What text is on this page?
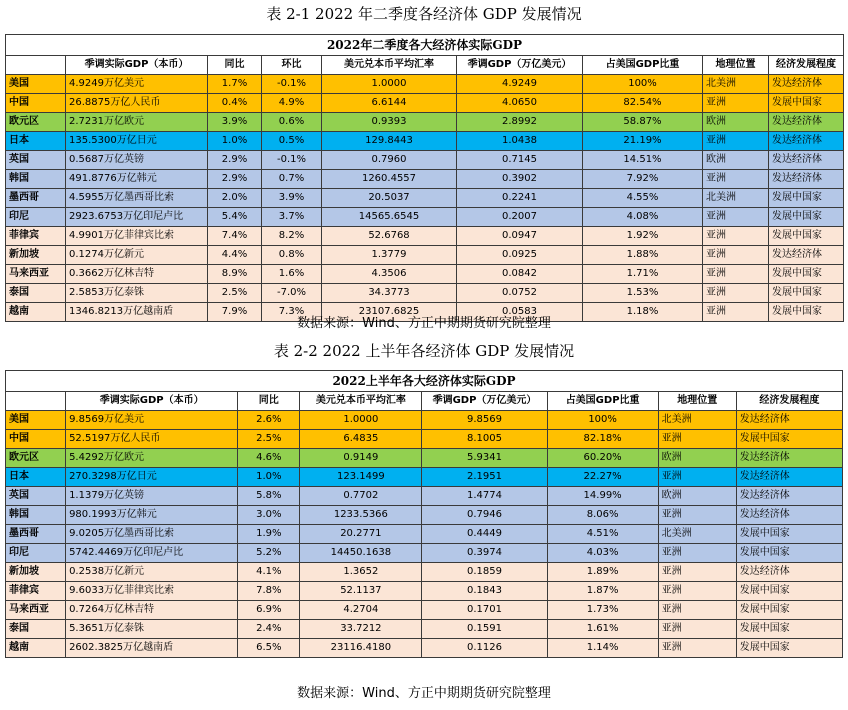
表 2-1 2022 年二季度各经济体 GDP 发展情况
2022年二季度各大经济体实际GDP								
	季调实际GDP（本币）	同比	环比	美元兑本币平均汇率	季调GDP（万亿美元）	占美国GDP比重	地理位置	经济发展程度
美国	4.9249万亿美元	1.7%	-0.1%	1.0000	4.9249	100%	北美洲	发达经济体
中国	26.8875万亿人民币	0.4%	4.9%	6.6144	4.0650	82.54%	亚洲	发展中国家
欧元区	2.7231万亿欧元	3.9%	0.6%	0.9393	2.8992	58.87%	欧洲	发达经济体
日本	135.5300万亿日元	1.0%	0.5%	129.8443	1.0438	21.19%	亚洲	发达经济体
英国	0.5687万亿英镑	2.9%	-0.1%	0.7960	0.7145	14.51%	欧洲	发达经济体
韩国	491.8776万亿韩元	2.9%	0.7%	1260.4557	0.3902	7.92%	亚洲	发达经济体
墨西哥	4.5955万亿墨西哥比索	2.0%	3.9%	20.5037	0.2241	4.55%	北美洲	发展中国家
印尼	2923.6753万亿印尼卢比	5.4%	3.7%	14565.6545	0.2007	4.08%	亚洲	发展中国家
菲律宾	4.9901万亿菲律宾比索	7.4%	8.2%	52.6768	0.0947	1.92%	亚洲	发展中国家
新加坡	0.1274万亿新元	4.4%	0.8%	1.3779	0.0925	1.88%	亚洲	发达经济体
马来西亚	0.3662万亿林吉特	8.9%	1.6%	4.3506	0.0842	1.71%	亚洲	发展中国家
泰国	2.5853万亿泰铢	2.5%	-7.0%	34.3773	0.0752	1.53%	亚洲	发展中国家
越南	1346.8213万亿越南盾	7.9%	7.3%	23107.6825	0.0583	1.18%	亚洲	发展中国家
数据来源：Wind、方正中期期货研究院整理
表 2-2 2022 上半年各经济体 GDP 发展情况
2022上半年各大经济体实际GDP							
	季调实际GDP（本币）	同比	美元兑本币平均汇率	季调GDP（万亿美元）	占美国GDP比重	地理位置	经济发展程度
美国	9.8569万亿美元	2.6%	1.0000	9.8569	100%	北美洲	发达经济体
中国	52.5197万亿人民币	2.5%	6.4835	8.1005	82.18%	亚洲	发展中国家
欧元区	5.4292万亿欧元	4.6%	0.9149	5.9341	60.20%	欧洲	发达经济体
日本	270.3298万亿日元	1.0%	123.1499	2.1951	22.27%	亚洲	发达经济体
英国	1.1379万亿英镑	5.8%	0.7702	1.4774	14.99%	欧洲	发达经济体
韩国	980.1993万亿韩元	3.0%	1233.5366	0.7946	8.06%	亚洲	发达经济体
墨西哥	9.0205万亿墨西哥比索	1.9%	20.2771	0.4449	4.51%	北美洲	发展中国家
印尼	5742.4469万亿印尼卢比	5.2%	14450.1638	0.3974	4.03%	亚洲	发展中国家
新加坡	0.2538万亿新元	4.1%	1.3652	0.1859	1.89%	亚洲	发达经济体
菲律宾	9.6033万亿菲律宾比索	7.8%	52.1137	0.1843	1.87%	亚洲	发展中国家
马来西亚	0.7264万亿林吉特	6.9%	4.2704	0.1701	1.73%	亚洲	发展中国家
泰国	5.3651万亿泰铢	2.4%	33.7212	0.1591	1.61%	亚洲	发展中国家
越南	2602.3825万亿越南盾	6.5%	23116.4180	0.1126	1.14%	亚洲	发展中国家
数据来源：Wind、方正中期期货研究院整理
